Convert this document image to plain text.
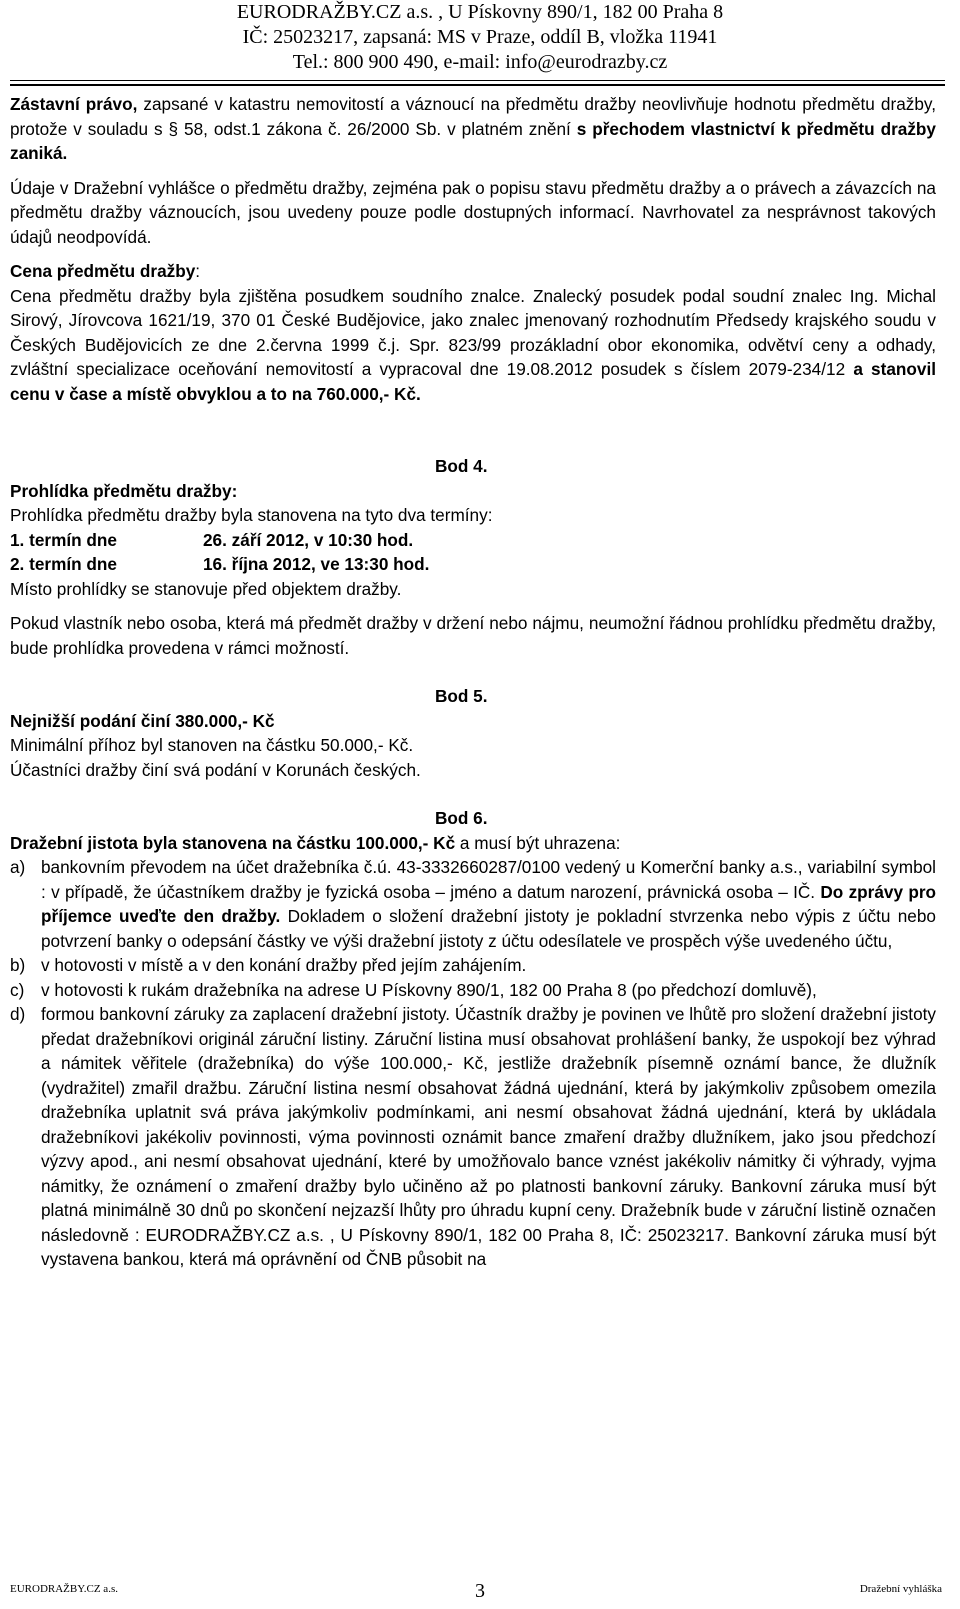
EURODRAŽBY.CZ a.s. , U Pískovny 890/1, 182 00 Praha 8
IČ: 25023217, zapsaná: MS v Praze, oddíl B, vložka 11941
Tel.: 800 900 490, e-mail: info@eurodrazby.cz

Zástavní právo, zapsané v katastru nemovitostí a váznoucí na předmětu dražby neovlivňuje hodnotu předmětu dražby, protože v souladu s § 58, odst.1 zákona č. 26/2000 Sb. v platném znění s přechodem vlastnictví k předmětu dražby zaniká.

Údaje v Dražební vyhlášce o předmětu dražby, zejména pak o popisu stavu předmětu dražby a o právech a závazcích na předmětu dražby váznoucích, jsou uvedeny pouze podle dostupných informací. Navrhovatel za nesprávnost takových údajů neodpovídá.

Cena předmětu dražby:

Cena předmětu dražby byla zjištěna posudkem soudního znalce. Znalecký posudek podal soudní znalec Ing. Michal Sirový, Jírovcova 1621/19, 370 01 České Budějovice, jako znalec jmenovaný rozhodnutím Předsedy krajského soudu v Českých Budějovicích ze dne 2.června 1999 č.j. Spr. 823/99 prozákladní obor ekonomika, odvětví ceny a odhady, zvláštní specializace oceňování nemovitostí a vypracoval dne 19.08.2012 posudek s číslem 2079-234/12 a stanovil cenu v čase a místě obvyklou a to na 760.000,- Kč.

Bod 4.

Prohlídka předmětu dražby:

Prohlídka předmětu dražby byla stanovena na tyto dva termíny:

1. termín dne	26. září 2012, v 10:30 hod.
2. termín dne	16. října 2012, ve 13:30 hod.

Místo prohlídky se stanovuje před objektem dražby.

Pokud vlastník nebo osoba, která má předmět dražby v držení nebo nájmu, neumožní řádnou prohlídku předmětu dražby, bude prohlídka provedena v rámci možností.

Bod 5.

Nejnižší podání činí 380.000,- Kč

Minimální příhoz byl stanoven na částku 50.000,- Kč.

Účastníci dražby činí svá podání v Korunách českých.

Bod 6.

Dražební jistota byla stanovena na částku 100.000,- Kč a musí být uhrazena:

a) bankovním převodem na účet dražebníka č.ú. 43-3332660287/0100 vedený u Komerční banky a.s., variabilní symbol : v případě, že účastníkem dražby je fyzická osoba – jméno a datum narození, právnická osoba – IČ. Do zprávy pro příjemce uveďte den dražby. Dokladem o složení dražební jistoty je pokladní stvrzenka nebo výpis z účtu nebo potvrzení banky o odepsání částky ve výši dražební jistoty z účtu odesílatele ve prospěch výše uvedeného účtu,
b) v hotovosti v místě a v den konání dražby před jejím zahájením.
c) v hotovosti k rukám dražebníka na adrese U Pískovny 890/1, 182 00 Praha 8 (po předchozí domluvě),
d) formou bankovní záruky za zaplacení dražební jistoty. Účastník dražby je povinen ve lhůtě pro složení dražební jistoty předat dražebníkovi originál záruční listiny. Záruční listina musí obsahovat prohlášení banky, že uspokojí bez výhrad a námitek věřitele (dražebníka) do výše 100.000,- Kč, jestliže dražebník písemně oznámí bance, že dlužník (vydražitel) zmařil dražbu. Záruční listina nesmí obsahovat žádná ujednání, která by jakýmkoliv způsobem omezila dražebníka uplatnit svá práva jakýmkoliv podmínkami, ani nesmí obsahovat žádná ujednání, která by ukládala dražebníkovi jakékoliv povinnosti, výma povinnosti oznámit bance zmaření dražby dlužníkem, jako jsou předchozí výzvy apod., ani nesmí obsahovat ujednání, které by umožňovalo bance vznést jakékoliv námitky či výhrady, vyjma námitky, že oznámení o zmaření dražby bylo učiněno až po platnosti bankovní záruky. Bankovní záruka musí být platná minimálně 30 dnů po skončení nejzazší lhůty pro úhradu kupní ceny. Dražebník bude v záruční listině označen následovně : EURODRAŽBY.CZ a.s. , U Pískovny 890/1, 182 00 Praha 8, IČ: 25023217. Bankovní záruka musí být vystavena bankou, která má oprávnění od ČNB působit na
EURODRAŽBY.CZ a.s.	3	Dražební vyhláška
